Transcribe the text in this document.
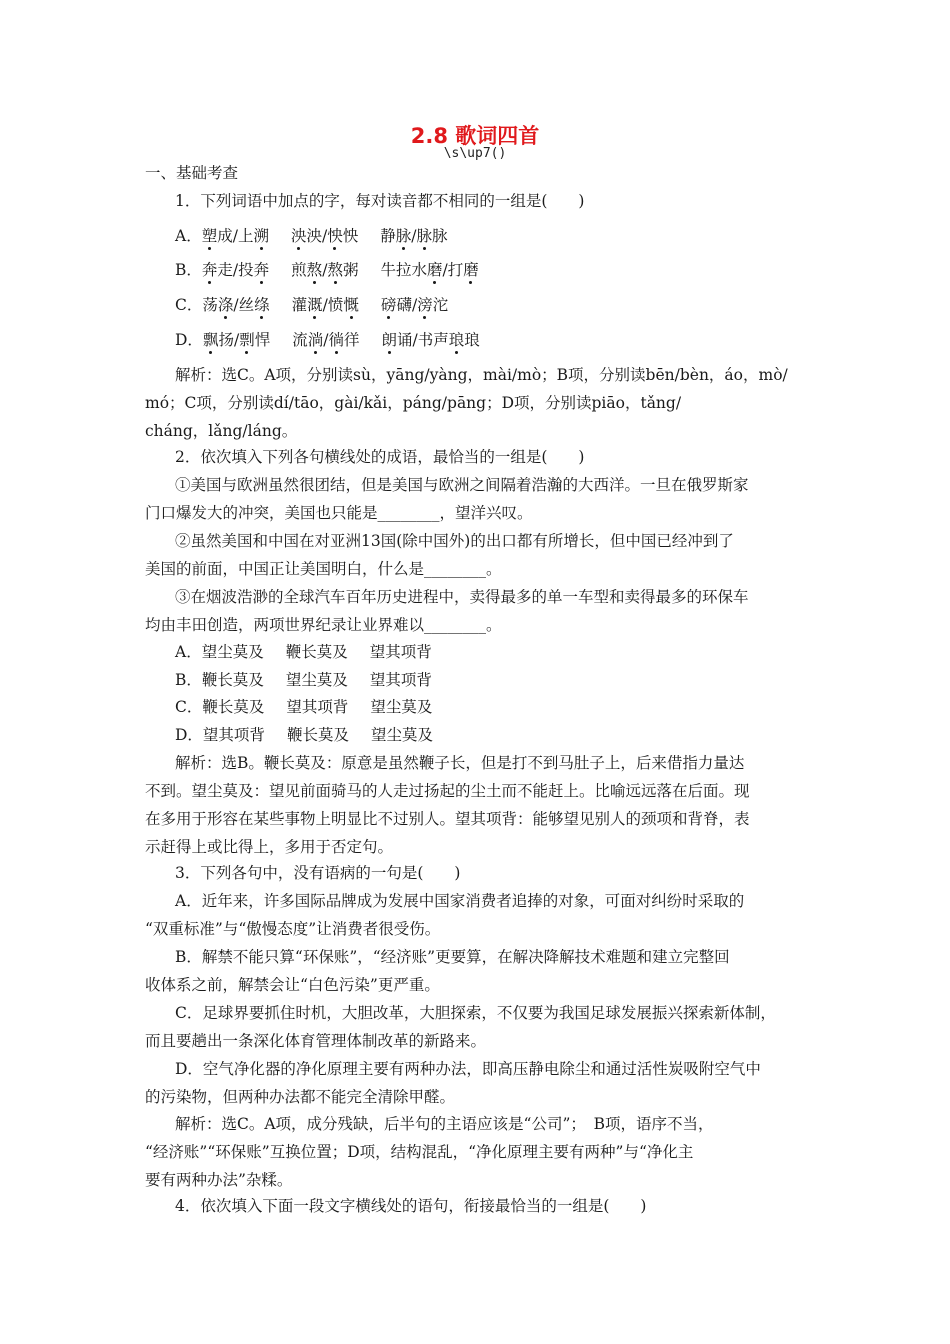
2.8 歌词四首
\s\up7()
一、基础考查
1．下列词语中加点的字，每对读音都不相同的一组是(　　)
A．塑成/上溯 泱泱/怏怏 静脉/脉脉
B．奔走/投奔 煎熬/熬粥 牛拉水磨/打磨
C．荡涤/丝绦 灌溉/愤慨 磅礴/滂沱
D．飘扬/剽悍 流淌/徜徉 朗诵/书声琅琅
解析：选C。A项，分别读sù，yāng/yàng，mài/mò；B项，分别读bēn/bèn，áo，mò/
mó；C项，分别读dí/tāo，gài/kǎi，páng/pāng；D项，分别读piāo，tǎng/
cháng，lǎng/láng。
2．依次填入下列各句横线处的成语，最恰当的一组是(　　)
①美国与欧洲虽然很团结，但是美国与欧洲之间隔着浩瀚的大西洋。一旦在俄罗斯家
门口爆发大的冲突，美国也只能是________，望洋兴叹。
②虽然美国和中国在对亚洲13国(除中国外)的出口都有所增长，但中国已经冲到了
美国的前面，中国正让美国明白，什么是________。
③在烟波浩渺的全球汽车百年历史进程中，卖得最多的单一车型和卖得最多的环保车
均由丰田创造，两项世界纪录让业界难以________。
A．望尘莫及 鞭长莫及 望其项背
B．鞭长莫及 望尘莫及 望其项背
C．鞭长莫及 望其项背 望尘莫及
D．望其项背 鞭长莫及 望尘莫及
解析：选B。鞭长莫及：原意是虽然鞭子长，但是打不到马肚子上，后来借指力量达
不到。望尘莫及：望见前面骑马的人走过扬起的尘土而不能赶上。比喻远远落在后面。现
在多用于形容在某些事物上明显比不过别人。望其项背：能够望见别人的颈项和背脊，表
示赶得上或比得上，多用于否定句。
3．下列各句中，没有语病的一句是(　　)
A．近年来，许多国际品牌成为发展中国家消费者追捧的对象，可面对纠纷时采取的
“双重标准”与“傲慢态度”让消费者很受伤。
B．解禁不能只算“环保账”，“经济账”更要算，在解决降解技术难题和建立完整回
收体系之前，解禁会让“白色污染”更严重。
C．足球界要抓住时机，大胆改革，大胆探索，不仅要为我国足球发展振兴探索新体制，
而且要趟出一条深化体育管理体制改革的新路来。
D．空气净化器的净化原理主要有两种办法，即高压静电除尘和通过活性炭吸附空气中
的污染物，但两种办法都不能完全清除甲醛。
解析：选C。A项，成分残缺，后半句的主语应该是“公司”；　B项，语序不当，
“经济账”“环保账”互换位置；D项，结构混乱，“净化原理主要有两种”与“净化主
要有两种办法”杂糅。
4．依次填入下面一段文字横线处的语句，衔接最恰当的一组是(　　)
